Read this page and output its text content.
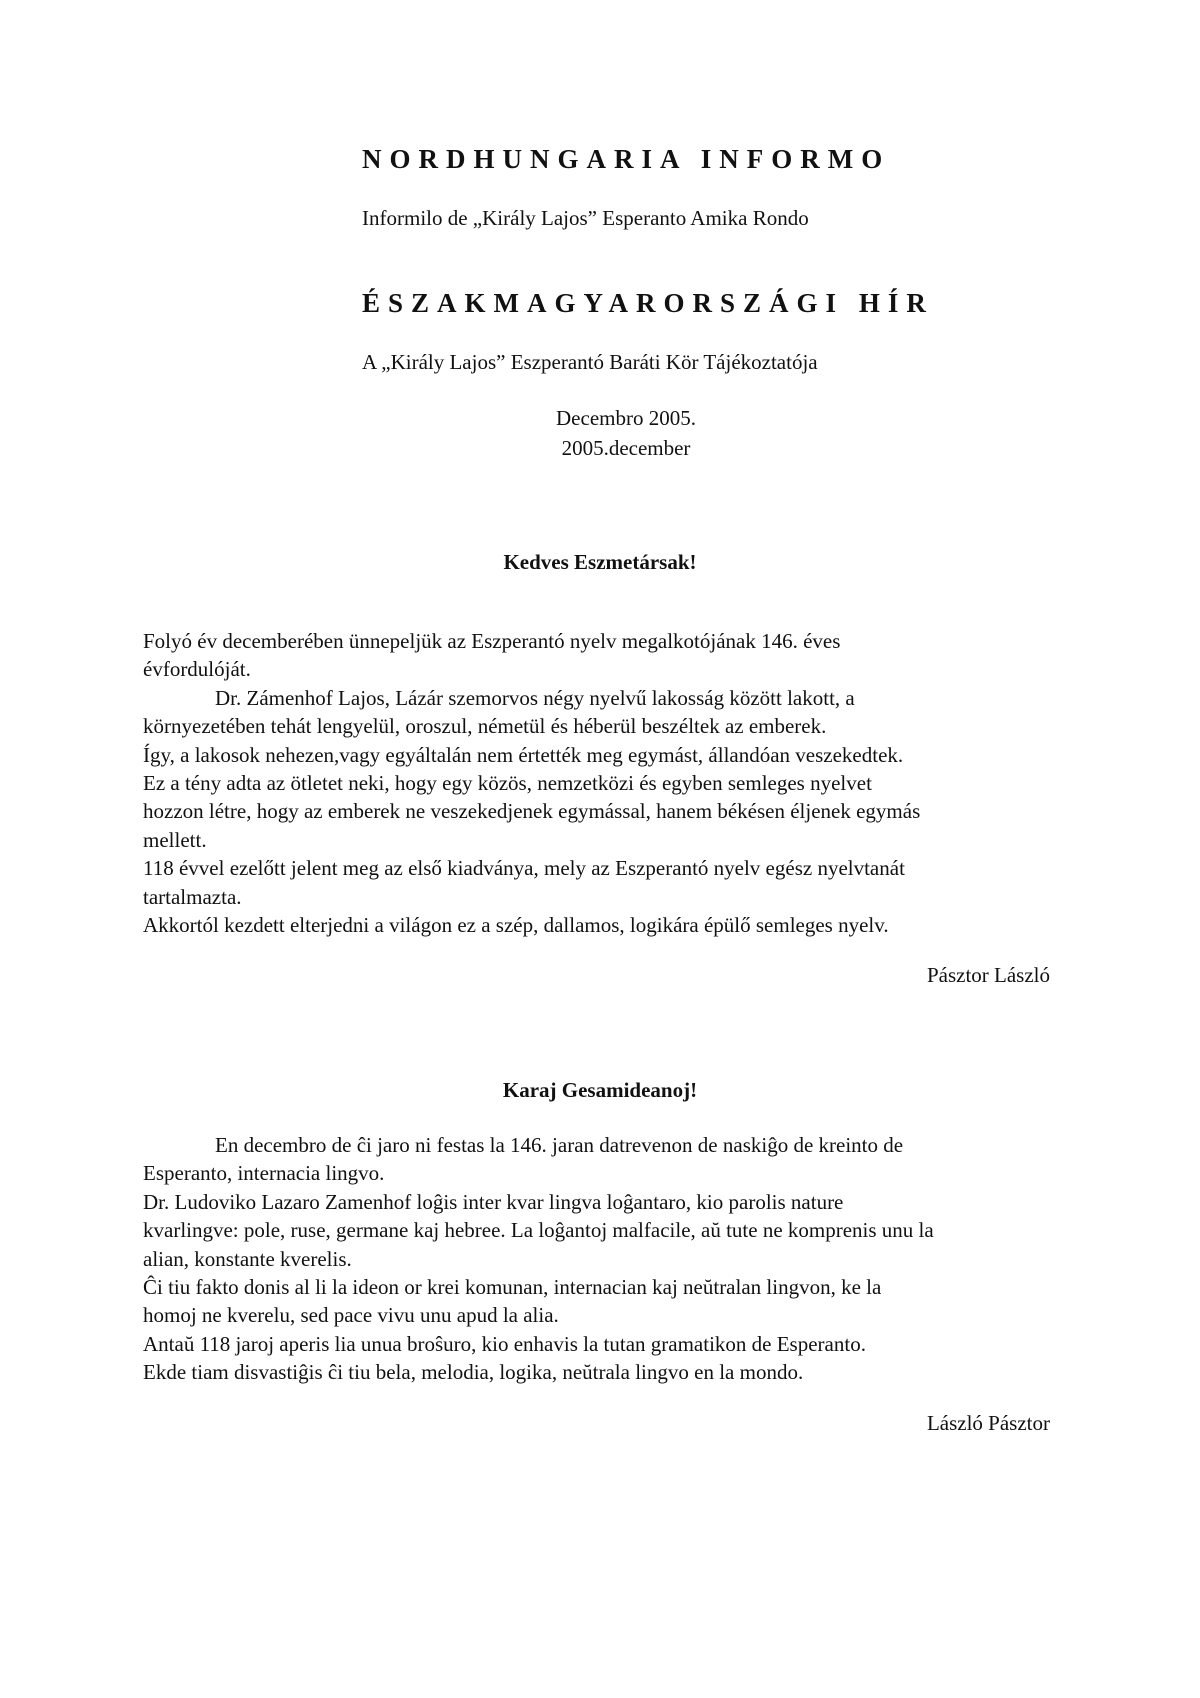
NORDHUNGARIA INFORMO
Informilo de „Király Lajos” Esperanto Amika Rondo
ÉSZAKMAGYARORSZÁGI HÍR
A „Király Lajos” Eszperantó Baráti Kör Tájékoztatója
Decembro 2005.
2005.december
Kedves Eszmetársak!
Folyó év decemberében ünnepeljük az Eszperantó nyelv megalkotójának 146. éves
évfordulóját.
Dr. Zámenhof Lajos, Lázár szemorvos négy nyelvű lakosság között lakott, a
környezetében tehát lengyelül, oroszul, németül és héberül beszéltek az emberek.
Így, a lakosok nehezen,vagy egyáltalán nem értették meg egymást, állandóan veszekedtek.
Ez a tény adta az ötletet neki, hogy egy közös, nemzetközi és egyben semleges nyelvet
hozzon létre, hogy az emberek ne veszekedjenek egymással, hanem békésen éljenek egymás
mellett.
118 évvel ezelőtt jelent meg az első kiadványa, mely az Eszperantó nyelv egész nyelvtanát
tartalmazta.
Akkortól kezdett elterjedni a világon ez a szép, dallamos, logikára épülő semleges nyelv.
Pásztor László
Karaj Gesamideanoj!
En decembro de ĉi jaro ni festas la 146. jaran datrevenon de naskiĝo de kreinto de
Esperanto, internacia lingvo.
Dr. Ludoviko Lazaro Zamenhof loĝis inter kvar lingva loĝantaro, kio parolis nature
kvarlingve: pole, ruse, germane kaj hebree. La loĝantoj malfacile, aŭ tute ne komprenis unu la
alian, konstante kverelis.
Ĉi tiu fakto donis al li la ideon or krei komunan, internacian kaj neŭtralan lingvon, ke la
homoj ne kverelu, sed pace vivu unu apud la alia.
Antaŭ 118 jaroj aperis lia unua broŝuro, kio enhavis la tutan gramatikon de Esperanto.
Ekde tiam disvastiĝis ĉi tiu bela, melodia, logika, neŭtrala lingvo en la mondo.
László Pásztor
